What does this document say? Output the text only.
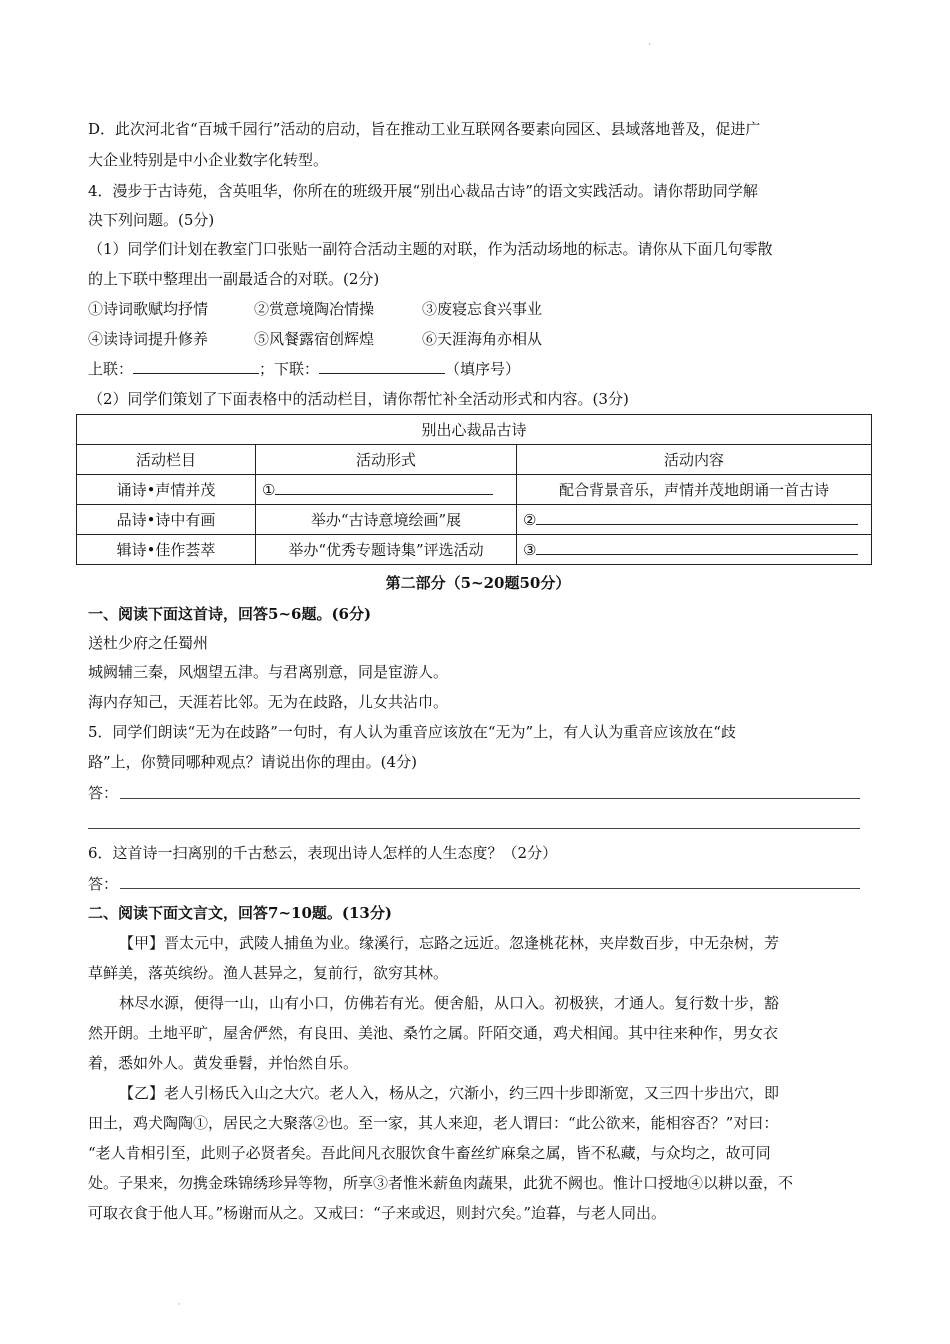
·
·
D．此次河北省“百城千园行”活动的启动，旨在推动工业互联网各要素向园区、县域落地普及，促进广
大企业特别是中小企业数字化转型。
4．漫步于古诗苑，含英咀华，你所在的班级开展“别出心裁品古诗”的语文实践活动。请你帮助同学解
决下列问题。(5分)
（1）同学们计划在教室门口张贴一副符合活动主题的对联，作为活动场地的标志。请你从下面几句零散
的上下联中整理出一副最适合的对联。(2分)
①诗词歌赋均抒情	②赏意境陶冶情操	③废寝忘食兴事业
④读诗词提升修养	⑤风餐露宿创辉煌	⑥天涯海角亦相从
上联：	；下联：	（填序号）
（2）同学们策划了下面表格中的活动栏目，请你帮忙补全活动形式和内容。(3分)
第二部分（5~20题50分）
一、阅读下面这首诗，回答5~6题。(6分)
送杜少府之任蜀州
城阙辅三秦，风烟望五津。与君离别意，同是宦游人。
海内存知己，天涯若比邻。无为在歧路，儿女共沾巾。
5．同学们朗读“无为在歧路”一句时，有人认为重音应该放在“无为”上，有人认为重音应该放在“歧
路”上，你赞同哪种观点？请说出你的理由。(4分)
答：
6．这首诗一扫离别的千古愁云，表现出诗人怎样的人生态度？（2分）
答：
二、阅读下面文言文，回答7~10题。(13分)
【甲】晋太元中，武陵人捕鱼为业。缘溪行，忘路之远近。忽逢桃花林，夹岸数百步，中无杂树，芳
草鲜美，落英缤纷。渔人甚异之，复前行，欲穷其林。
林尽水源，便得一山，山有小口，仿佛若有光。便舍船，从口入。初极狭，才通人。复行数十步，豁
然开朗。土地平旷，屋舍俨然，有良田、美池、桑竹之属。阡陌交通，鸡犬相闻。其中往来种作，男女衣
着，悉如外人。黄发垂髫，并怡然自乐。
【乙】老人引杨氏入山之大穴。老人入，杨从之，穴渐小，约三四十步即渐宽，又三四十步出穴，即
田土，鸡犬陶陶①，居民之大聚落②也。至一家，其人来迎，老人谓曰：“此公欲来，能相容否？”对曰：
“老人肯相引至，此则子必贤者矣。吾此间凡衣服饮食牛畜丝纩麻枲之属，皆不私藏，与众均之，故可同
处。子果来，勿携金珠锦绣珍异等物，所享③者惟米薪鱼肉蔬果，此犹不阙也。惟计口授地④以耕以蚕，不
可取衣食于他人耳。”杨谢而从之。又戒曰：“子来或迟，则封穴矣。”迨暮，与老人同出。
别出心裁品古诗		
活动栏目	活动形式	活动内容
诵诗•声情并茂	①	配合背景音乐，声情并茂地朗诵一首古诗
品诗•诗中有画	举办“古诗意境绘画”展	②
辑诗•佳作荟萃	举办“优秀专题诗集”评选活动	③
